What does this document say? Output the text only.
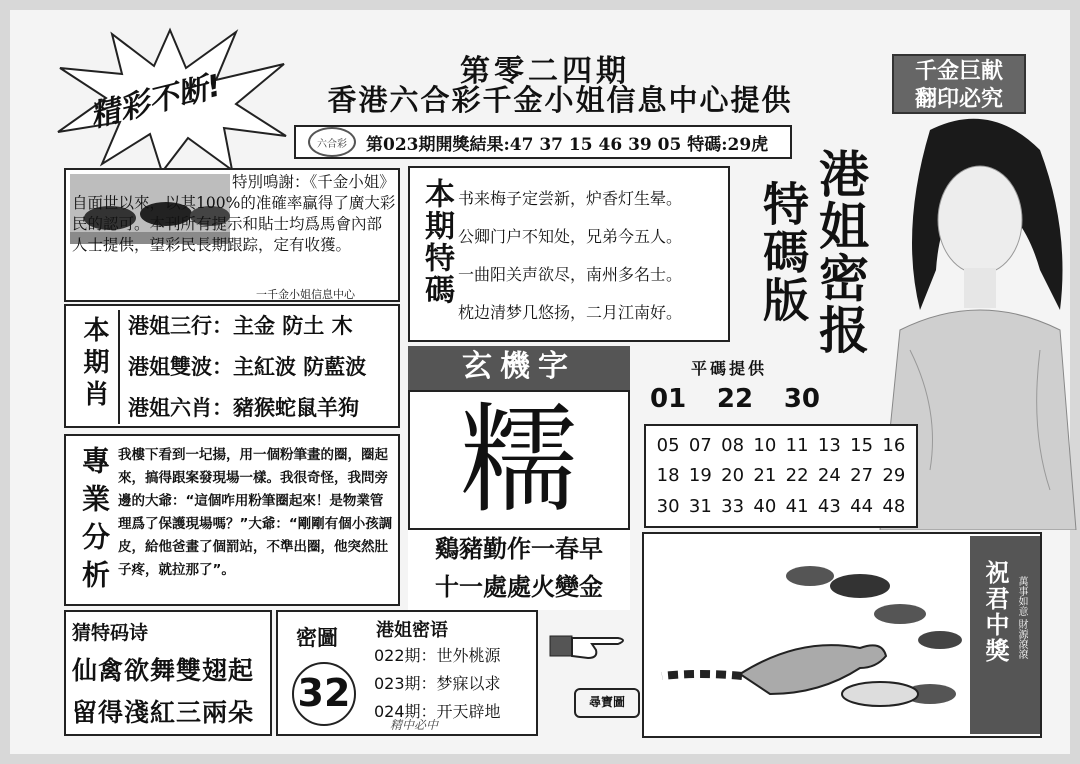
精彩不断!	第零二四期
香港六合彩千金小姐信息中心提供
千金巨献
翻印必究
六合彩	第023期開獎結果:47 37 15 46 39 05 特碼:29虎
特別鳴謝：《千金小姐》自面世以來，以其100%的准確率贏得了廣大彩民的認可。本刊所有提示和貼士均爲馬會內部人士提供，望彩民長期跟踪，定有收獲。
一千金小姐信息中心 本期特碼 书来梅子定尝新，炉香灯生晕。
公卿门户不知处，兄弟今五人。
一曲阳关声欲尽，南州多名士。
枕边清梦几悠扬，二月江南好。	特碼版 港姐密报
本期肖 港姐三行：主金 防土 木
港姐雙波：主紅波 防藍波
港姐六肖：豬猴蛇鼠羊狗
玄機字
糯
鷄豬勤作一春早
十一處處火變金
平碼提供
01 22 30
05 07 08 10 11 13 15 16
18 19 20 21 22 24 27 29
30 31 33 40 41 43 44 48
專業分析 我樓下看到一圮揚，用一個粉筆畫的圈，圈起來，搞得跟案發現場一樣。我很奇怪，我問旁邊的大爺：“這個咋用粉筆圈起來！是物業管理爲了保護現場嗎？”大爺：“剛剛有個小孩調皮，給他爸畫了個罰站，不準出圈，他突然肚子疼，就拉那了”。
猜特码诗
仙禽欲舞雙翅起
留得淺紅三兩朵
密圖
32
港姐密语
022期：世外桃源
023期：梦寐以求
024期：开天辟地
精中必中
尋寶圖
祝君中獎 萬事如意 財源滾滾
